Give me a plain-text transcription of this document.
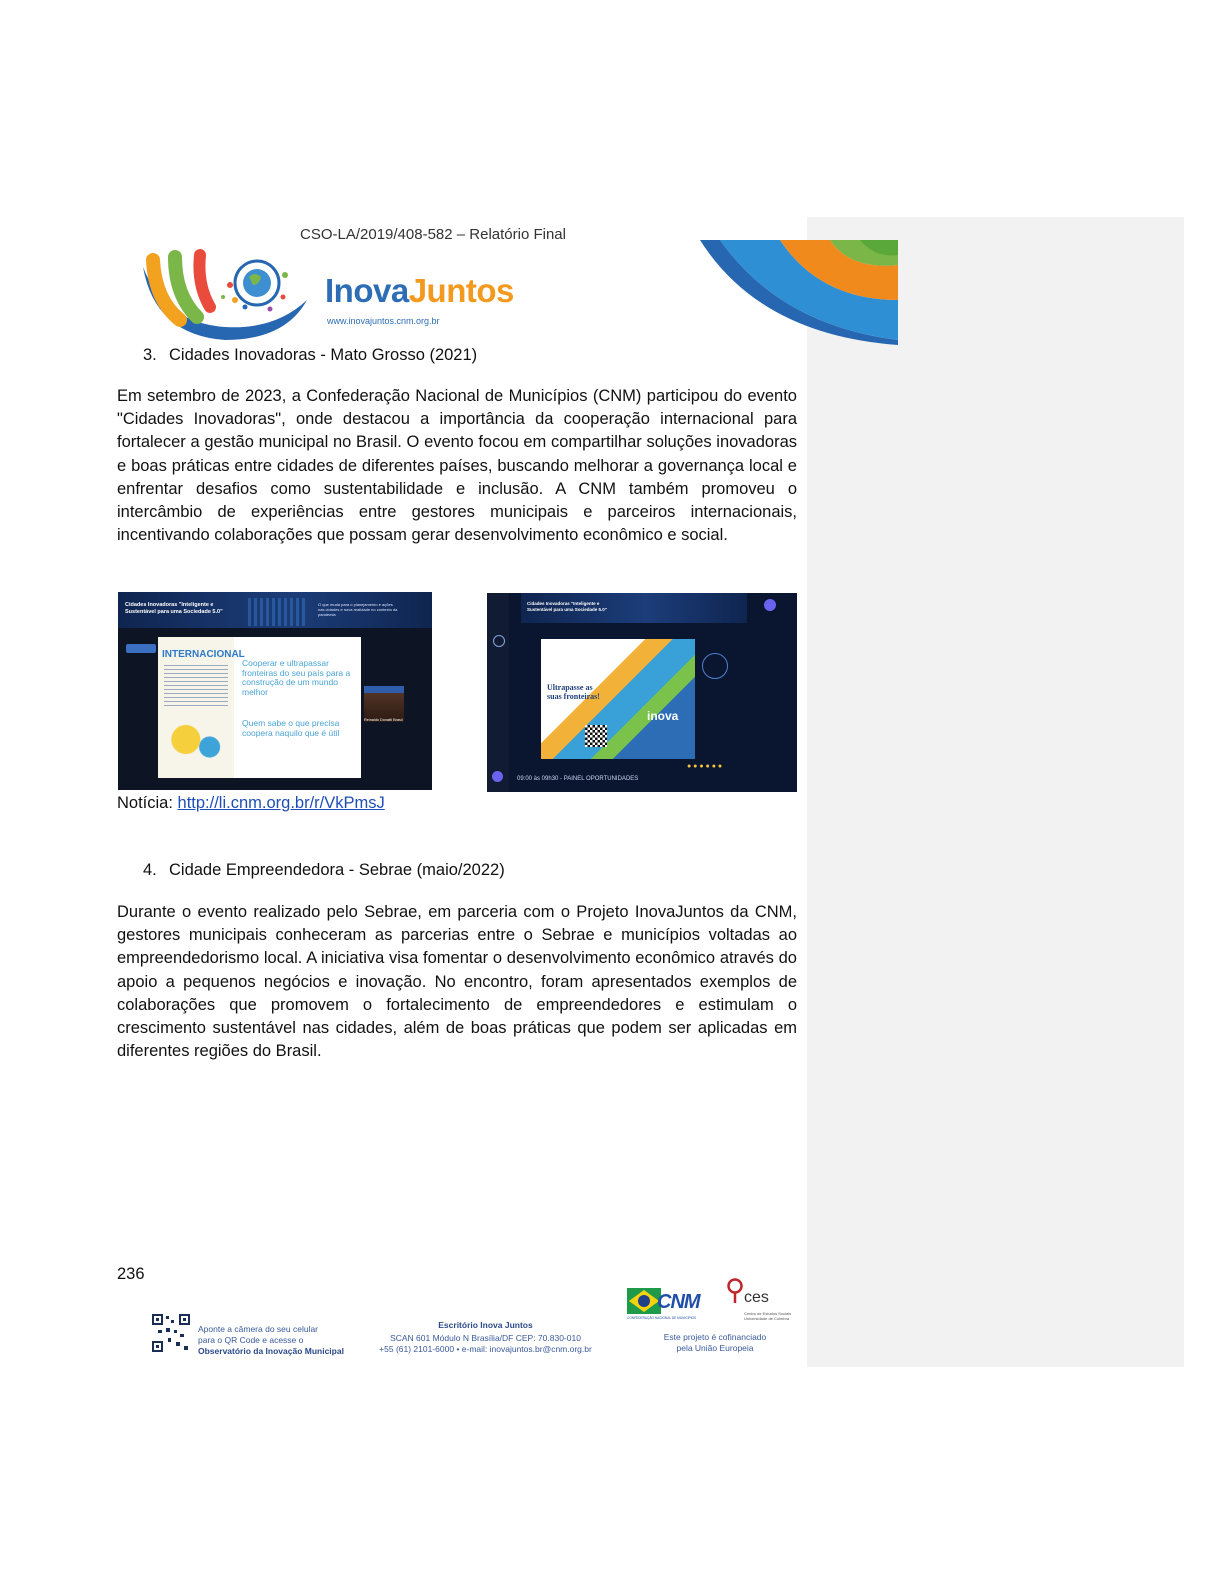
CSO-LA/2019/408-582 – Relatório Final
InovaJuntos
www.inovajuntos.cnm.org.br
3. Cidades Inovadoras - Mato Grosso (2021)
Em setembro de 2023, a Confederação Nacional de Municípios (CNM) participou do evento "Cidades Inovadoras", onde destacou a importância da cooperação internacional para fortalecer a gestão municipal no Brasil. O evento focou em compartilhar soluções inovadoras e boas práticas entre cidades de diferentes países, buscando melhorar a governança local e enfrentar desafios como sustentabilidade e inclusão. A CNM também promoveu o intercâmbio de experiências entre gestores municipais e parceiros internacionais, incentivando colaborações que possam gerar desenvolvimento econômico e social.
Cidades Inovadoras "Inteligente e Sustentável para uma Sociedade 5.0"
O que muda para o planejamento e ações nas cidades e nova realidade no contexto da pandemia
INTERNACIONAL
Cooperar e ultrapassar fronteiras do seu país para a construção de um mundo melhor
Quem sabe o que precisa coopera naquilo que é útil
Reinaldo Donatti Brasil
Cidades Inovadoras "Inteligente e Sustentável para uma Sociedade 5.0"
Ultrapasse as suas fronteiras!
inova
● ● ● ● ● ●
09:00 às 09h30 - PAINEL OPORTUNIDADES
Notícia: http://li.cnm.org.br/r/VkPmsJ
4. Cidade Empreendedora - Sebrae (maio/2022)
Durante o evento realizado pelo Sebrae, em parceria com o Projeto InovaJuntos da CNM, gestores municipais conheceram as parcerias entre o Sebrae e municípios voltadas ao empreendedorismo local. A iniciativa visa fomentar o desenvolvimento econômico através do apoio a pequenos negócios e inovação. No encontro, foram apresentados exemplos de colaborações que promovem o fortalecimento de empreendedores e estimulam o crescimento sustentável nas cidades, além de boas práticas que podem ser aplicadas em diferentes regiões do Brasil.
236
Aponte a câmera do seu celular
para o QR Code e acesse o
Observatório da Inovação Municipal
Escritório Inova Juntos
SCAN 601 Módulo N Brasília/DF CEP: 70.830-010
+55 (61) 2101-6000 • e-mail: inovajuntos.br@cnm.org.br
CNM
CONFEDERAÇÃO NACIONAL DE MUNICÍPIOS
ces
Centro de Estudos Sociais
Universidade de Coimbra
Este projeto é cofinanciado
pela União Europeia
